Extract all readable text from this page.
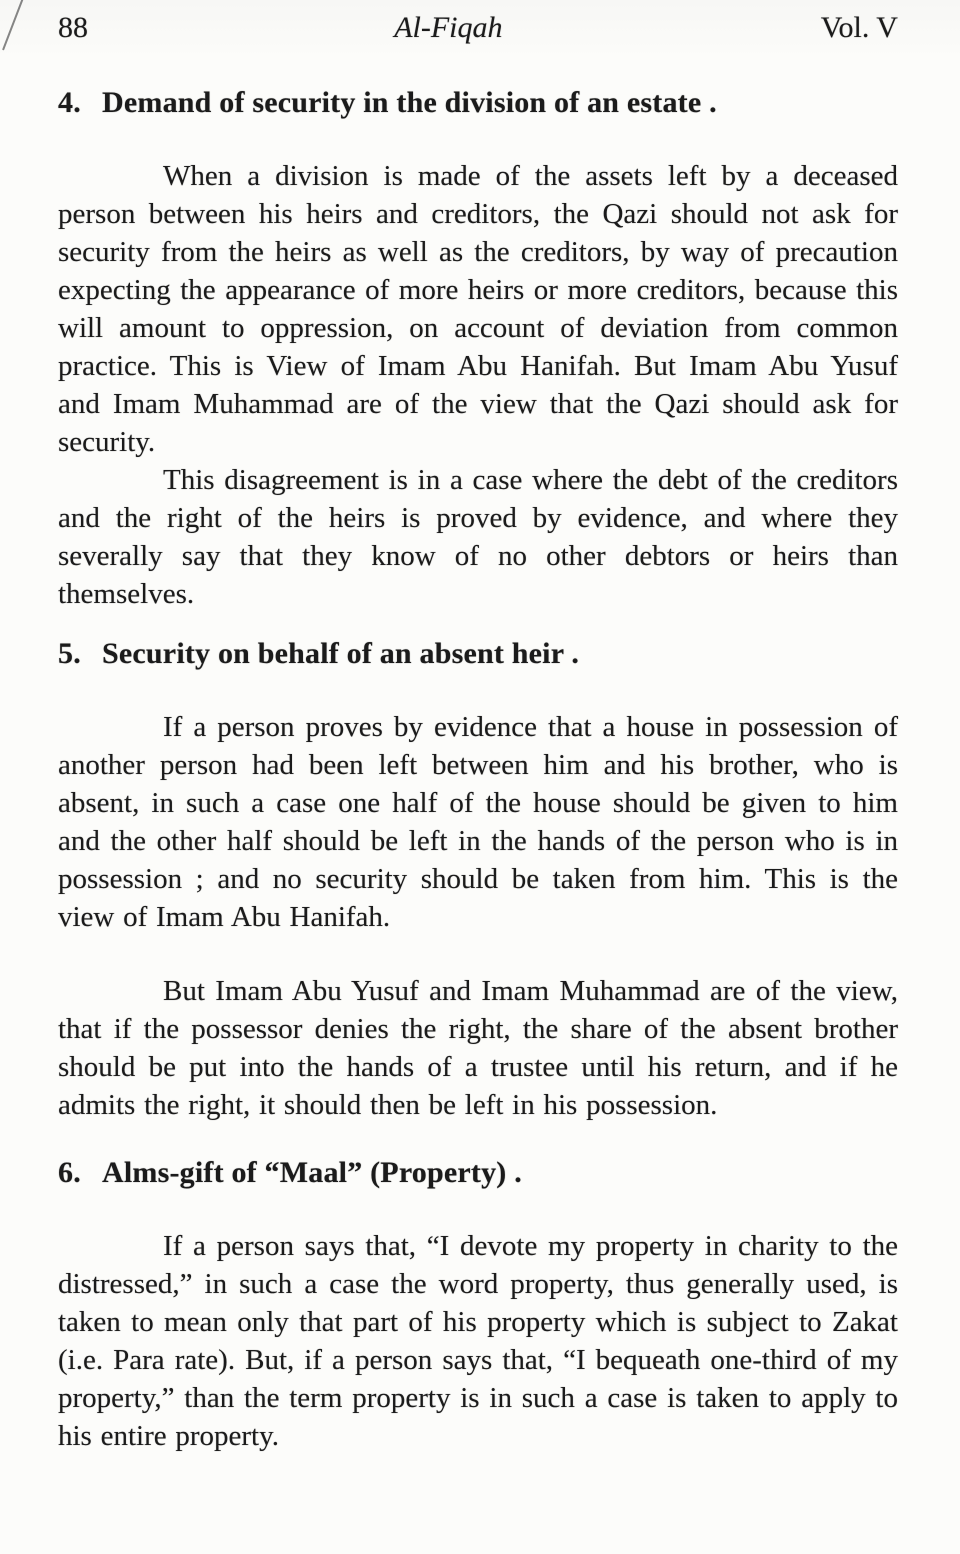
88	Al-Fiqah	Vol. V
4. Demand of security in the division of an estate .

When a division is made of the assets left by a deceased person between his heirs and creditors, the Qazi should not ask for security from the heirs as well as the creditors, by way of precaution expecting the appearance of more heirs or more creditors, because this will amount to oppression, on account of deviation from common practice. This is View of Imam Abu Hanifah. But Imam Abu Yusuf and Imam Muhammad are of the view that the Qazi should ask for security.

This disagreement is in a case where the debt of the creditors and the right of the heirs is proved by evidence, and where they severally say that they know of no other debtors or heirs than themselves.

5. Security on behalf of an absent heir .

If a person proves by evidence that a house in possession of another person had been left between him and his brother, who is absent, in such a case one half of the house should be given to him and the other half should be left in the hands of the person who is in possession ; and no security should be taken from him. This is the view of Imam Abu Hanifah.

But Imam Abu Yusuf and Imam Muhammad are of the view, that if the possessor denies the right, the share of the absent brother should be put into the hands of a trustee until his return, and if he admits the right, it should then be left in his possession.

6. Alms-gift of “Maal” (Property) .

If a person says that, “I devote my property in charity to the distressed,” in such a case the word property, thus generally used, is taken to mean only that part of his property which is subject to Zakat (i.e. Para rate). But, if a person says that, “I bequeath one-third of my property,” than the term property is in such a case is taken to apply to his entire property.
